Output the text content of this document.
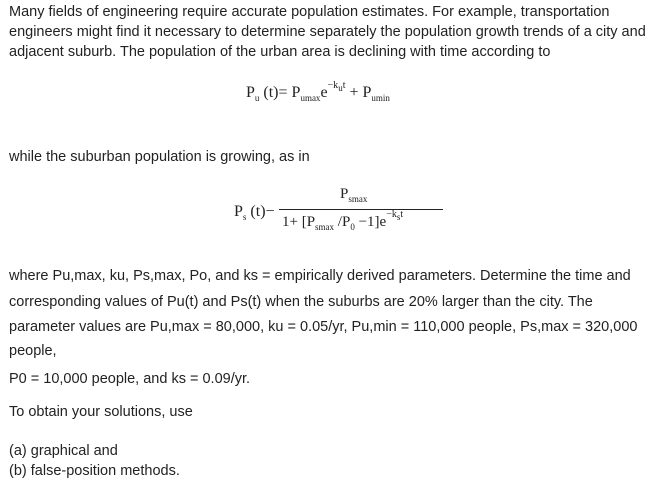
Many fields of engineering require accurate population estimates. For example, transportation
engineers might find it necessary to determine separately the population growth trends of a city and
adjacent suburb. The population of the urban area is declining with time according to
$P_u$ $(t)= P_{umax}e^{-k_ut} + P_{umin}$
while the suburban population is growing, as in
$P_s$ (t)−
$P_{smax}$
$1+ [P_{smax}$ $/P_0 -1]e^{-k_st}$
where Pu,max, ku, Ps,max, Po, and ks = empirically derived parameters. Determine the time and
corresponding values of Pu(t) and Ps(t) when the suburbs are 20% larger than the city. The
parameter values are Pu,max = 80,000, ku = 0.05/yr, Pu,min = 110,000 people, Ps,max = 320,000
people,
P0 = 10,000 people, and ks = 0.09/yr.
To obtain your solutions, use
(a) graphical and
(b) false-position methods.
